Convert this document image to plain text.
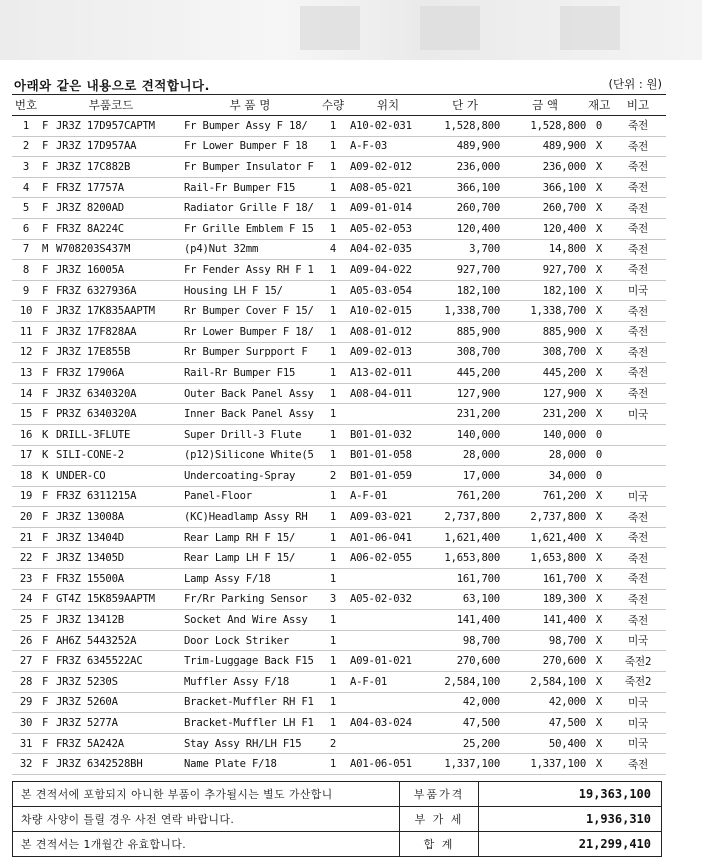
아래와 같은 내용으로 견적합니다.	(단위 : 원)
번호	부품코드		부 품 명	수량	위치	단 가	금 액	재고	비고
1	F	JR3Z 17D957CAPTM	Fr Bumper Assy F 18/	1	A10-02-031	1,528,800	1,528,800	0	죽전
2	F	JR3Z 17D957AA	Fr Lower Bumper F 18	1	A-F-03	489,900	489,900	X	죽전
3	F	JR3Z 17C882B	Fr Bumper Insulator F	1	A09-02-012	236,000	236,000	X	죽전
4	F	FR3Z 17757A	Rail-Fr Bumper F15	1	A08-05-021	366,100	366,100	X	죽전
5	F	JR3Z 8200AD	Radiator Grille F 18/	1	A09-01-014	260,700	260,700	X	죽전
6	F	FR3Z 8A224C	Fr Grille Emblem F 15	1	A05-02-053	120,400	120,400	X	죽전
7	M	W708203S437M	(p4)Nut 32mm	4	A04-02-035	3,700	14,800	X	죽전
8	F	JR3Z 16005A	Fr Fender Assy RH F 1	1	A09-04-022	927,700	927,700	X	죽전
9	F	FR3Z 6327936A	Housing LH F 15/	1	A05-03-054	182,100	182,100	X	미국
10	F	JR3Z 17K835AAPTM	Rr Bumper Cover F 15/	1	A10-02-015	1,338,700	1,338,700	X	죽전
11	F	JR3Z 17F828AA	Rr Lower Bumper F 18/	1	A08-01-012	885,900	885,900	X	죽전
12	F	JR3Z 17E855B	Rr Bumper Surpport F	1	A09-02-013	308,700	308,700	X	죽전
13	F	FR3Z 17906A	Rail-Rr Bumper F15	1	A13-02-011	445,200	445,200	X	죽전
14	F	JR3Z 6340320A	Outer Back Panel Assy	1	A08-04-011	127,900	127,900	X	죽전
15	F	PR3Z 6340320A	Inner Back Panel Assy	1		231,200	231,200	X	미국
16	K	DRILL-3FLUTE	Super Drill-3 Flute	1	B01-01-032	140,000	140,000	0	
17	K	SILI-CONE-2	(p12)Silicone White(5	1	B01-01-058	28,000	28,000	0	
18	K	UNDER-CO	Undercoating-Spray	2	B01-01-059	17,000	34,000	0	
19	F	FR3Z 6311215A	Panel-Floor	1	A-F-01	761,200	761,200	X	미국
20	F	JR3Z 13008A	(KC)Headlamp Assy RH	1	A09-03-021	2,737,800	2,737,800	X	죽전
21	F	JR3Z 13404D	Rear Lamp RH F 15/	1	A01-06-041	1,621,400	1,621,400	X	죽전
22	F	JR3Z 13405D	Rear Lamp LH F 15/	1	A06-02-055	1,653,800	1,653,800	X	죽전
23	F	FR3Z 15500A	Lamp Assy F/18	1		161,700	161,700	X	죽전
24	F	GT4Z 15K859AAPTM	Fr/Rr Parking Sensor	3	A05-02-032	63,100	189,300	X	죽전
25	F	JR3Z 13412B	Socket And Wire Assy	1		141,400	141,400	X	죽전
26	F	AH6Z 5443252A	Door Lock Striker	1		98,700	98,700	X	미국
27	F	FR3Z 6345522AC	Trim-Luggage Back F15	1	A09-01-021	270,600	270,600	X	죽전2
28	F	JR3Z 5230S	Muffler Assy F/18	1	A-F-01	2,584,100	2,584,100	X	죽전2
29	F	JR3Z 5260A	Bracket-Muffler RH F1	1		42,000	42,000	X	미국
30	F	JR3Z 5277A	Bracket-Muffler LH F1	1	A04-03-024	47,500	47,500	X	미국
31	F	FR3Z 5A242A	Stay Assy RH/LH F15	2		25,200	50,400	X	미국
32	F	JR3Z 6342528BH	Name Plate F/18	1	A01-06-051	1,337,100	1,337,100	X	죽전
본 견적서에 포함되지 아니한 부품이 추가될시는 별도 가산합니	부품가격	19,363,100
차량 사양이 틀릴 경우 사전 연락 바랍니다.	부 가 세	1,936,310
본 견적서는 1개월간 유효합니다.	합 계	21,299,410
